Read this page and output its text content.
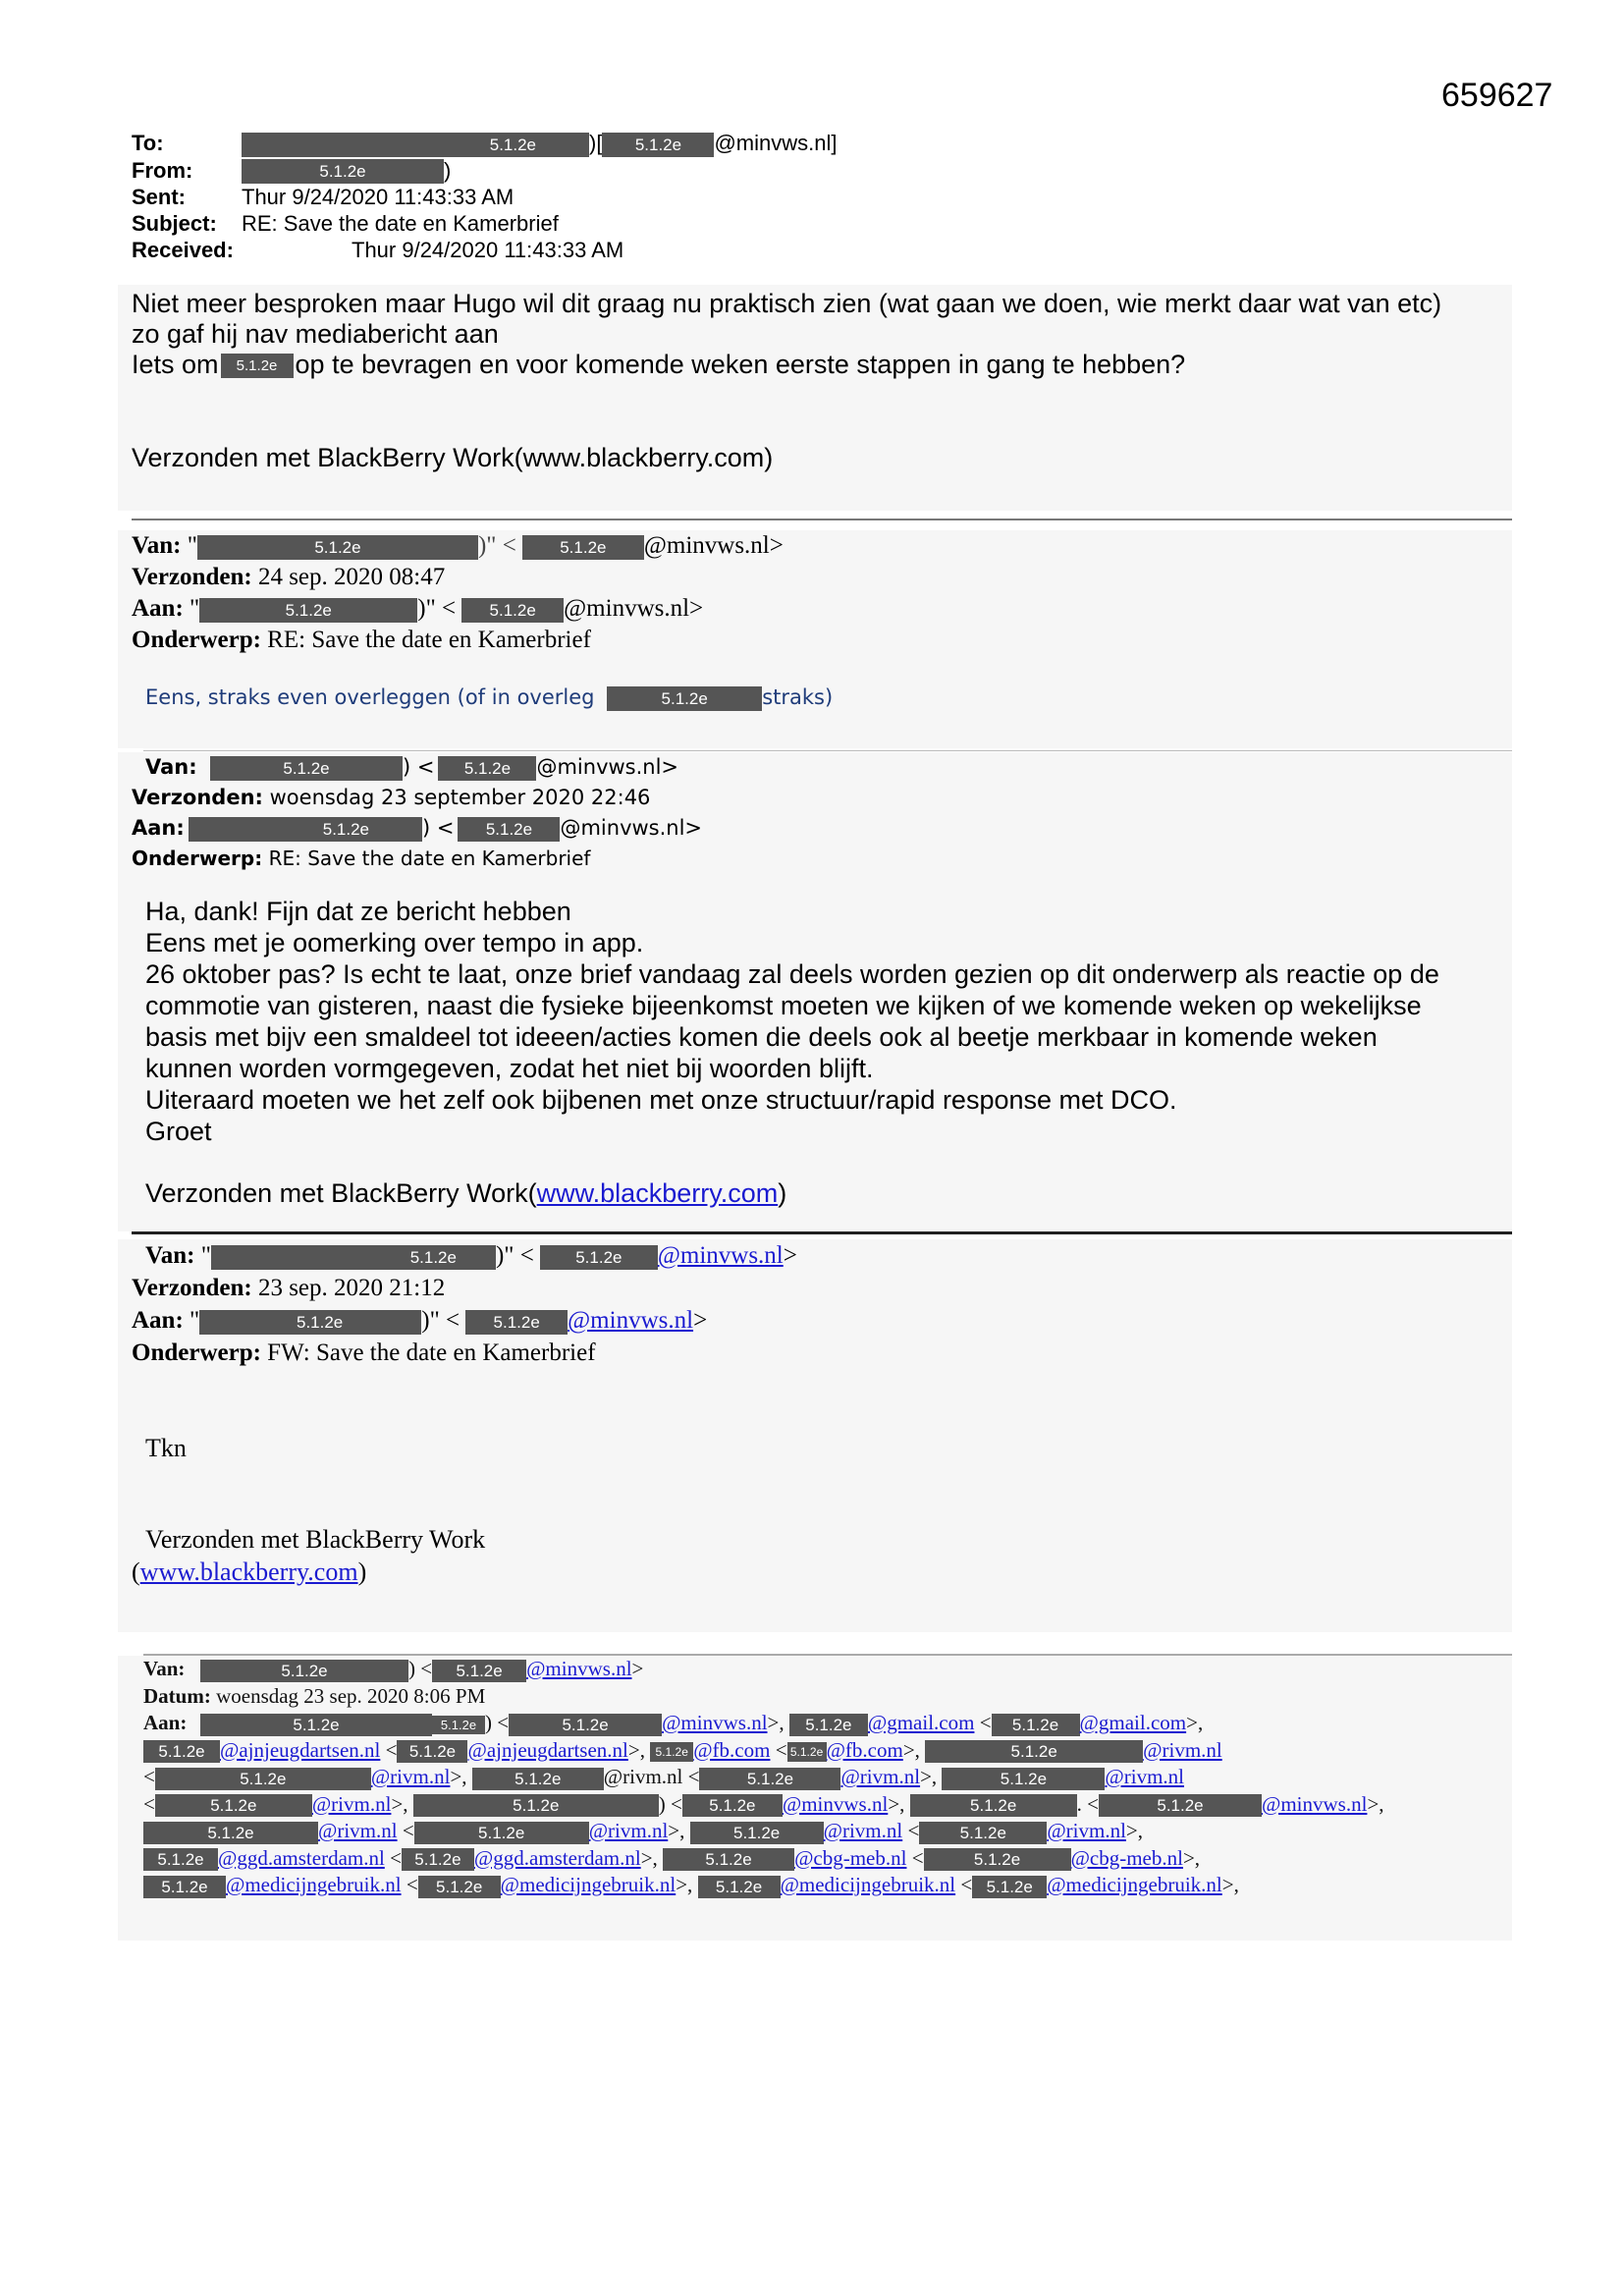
659627
To:	5.1.2e )[ 5.1.2e @minvws.nl]
From:	5.1.2e	)
Sent:	Thur 9/24/2020 11:43:33 AM
Subject: RE: Save the date en Kamerbrief
Received:	Thur 9/24/2020 11:43:33 AM
Niet meer besproken maar Hugo wil dit graag nu praktisch zien (wat gaan we doen, wie merkt daar wat van etc)
zo gaf hij nav mediabericht aan
Iets om 5.1.2e op te bevragen en voor komende weken eerste stappen in gang te hebben?
Verzonden met BlackBerry Work(www.blackberry.com)
Van: "	5.1.2e	)" <	5.1.2e @minvws.nl>
Verzonden: 24 sep. 2020 08:47
Aan: "	5.1.2e	)" < 5.1.2e @minvws.nl>
Onderwerp: RE: Save the date en Kamerbrief
Eens, straks even overleggen (of in overleg	5.1.2e	straks)
Van:	5.1.2e	) < 5.1.2e @minvws.nl>
Verzonden: woensdag 23 september 2020 22:46
Aan:	5.1.2e	) < 5.1.2e @minvws.nl>
Onderwerp: RE: Save the date en Kamerbrief
Ha, dank! Fijn dat ze bericht hebben
Eens met je oomerking over tempo in app.
26 oktober pas? Is echt te laat, onze brief vandaag zal deels worden gezien op dit onderwerp als reactie op de
commotie van gisteren, naast die fysieke bijeenkomst moeten we kijken of we komende weken op wekelijkse
basis met bijv een smaldeel tot ideeen/acties komen die deels ook al beetje merkbaar in komende weken
kunnen worden vormgegeven, zodat het niet bij woorden blijft.
Uiteraard moeten we het zelf ook bijbenen met onze structuur/rapid response met DCO.
Groet
Verzonden met BlackBerry Work(www.blackberry.com)
Van: "	5.1.2e )" < 5.1.2e @minvws.nl>
Verzonden: 23 sep. 2020 21:12
Aan: "	5.1.2e	)" < 5.1.2e @minvws.nl>
Onderwerp: FW: Save the date en Kamerbrief
Tkn
Verzonden met BlackBerry Work
(www.blackberry.com)
Van:	5.1.2e	) < 5.1.2e @minvws.nl>
Datum: woensdag 23 sep. 2020 8:06 PM
Aan:	5.1.2e	5.1.2e ) <	5.1.2e	@minvws.nl>, 5.1.2e @gmail.com < 5.1.2e @gmail.com>,
5.1.2e @ajnjeugdartsen.nl < 5.1.2e @ajnjeugdartsen.nl>, 5.1.2e @fb.com < 5.1.2e @fb.com>,	5.1.2e	@rivm.nl
<	5.1.2e	@rivm.nl>,	5.1.2e @rivm.nl <	5.1.2e @rivm.nl>,	5.1.2e	@rivm.nl
<	5.1.2e	@rivm.nl>,	5.1.2e	) < 5.1.2e @minvws.nl>,	5.1.2e	. <	5.1.2e	@minvws.nl>,
5.1.2e	@rivm.nl <	5.1.2e	@rivm.nl>,	5.1.2e @rivm.nl < 5.1.2e @rivm.nl>,
5.1.2e @ggd.amsterdam.nl < 5.1.2e @ggd.amsterdam.nl>,	5.1.2e @cbg-meb.nl <	5.1.2e @cbg-meb.nl>,
5.1.2e @medicijngebruik.nl < 5.1.2e @medicijngebruik.nl>, 5.1.2e @medicijngebruik.nl < 5.1.2e @medicijngebruik.nl>,
